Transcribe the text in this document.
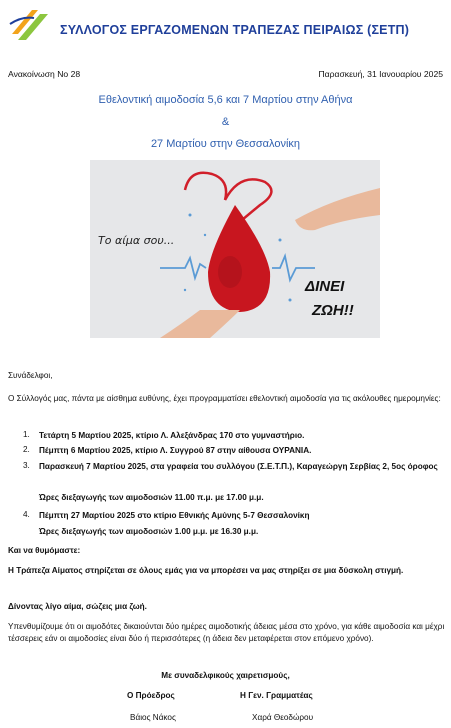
ΣΥΛΛΟΓΟΣ ΕΡΓΑΖΟΜΕΝΩΝ ΤΡΑΠΕΖΑΣ ΠΕΙΡΑΙΩΣ (ΣΕΤΠ)
Ανακοίνωση Νο 28	Παρασκευή, 31 Ιανουαρίου 2025
Εθελοντική αιμοδοσία 5,6 και 7 Μαρτίου στην Αθήνα
&
27 Μαρτίου στην Θεσσαλονίκη
Το αίμα σου...
ΔΙΝΕΙ
ΖΩΗ!!
Συνάδελφοι,
Ο Σύλλογός μας, πάντα με αίσθημα ευθύνης, έχει προγραμματίσει εθελοντική αιμοδοσία για τις ακόλουθες ημερομηνίες:
1. Τετάρτη 5 Μαρτίου 2025, κτίριο Λ. Αλεξάνδρας 170 στο γυμναστήριο.
2. Πέμπτη 6 Μαρτίου 2025, κτίριο Λ. Συγγρού 87 στην αίθουσα ΟΥΡΑΝΙΑ.
3. Παρασκευή 7 Μαρτίου 2025, στα γραφεία του συλλόγου (Σ.Ε.Τ.Π.), Καραγεώργη Σερβίας 2, 5ος όροφος
Ώρες διεξαγωγής των αιμοδοσιών 11.00 π.μ. με 17.00 μ.μ.
4. Πέμπτη 27 Μαρτίου 2025 στο κτίριο Εθνικής Αμύνης 5-7 Θεσσαλονίκη
Ώρες διεξαγωγής των αιμοδοσιών 1.00 μ.μ. με 16.30 μ.μ.
Και να θυμόμαστε:
Η Τράπεζα Αίματος στηρίζεται σε όλους εμάς για να μπορέσει να μας στηρίξει σε μια δύσκολη στιγμή.
Δίνοντας λίγο αίμα, σώζεις μια ζωή.
Υπενθυμίζουμε ότι οι αιμοδότες δικαιούνται δύο ημέρες αιμοδοτικής άδειας μέσα στο χρόνο, για κάθε αιμοδοσία και μέχρι τέσσερεις εάν οι αιμοδοσίες είναι δύο ή περισσότερες (η άδεια δεν μεταφέρεται στον επόμενο χρόνο).
Με συναδελφικούς χαιρετισμούς,
Ο Πρόεδρος	Η Γεν. Γραμματέας
Βάιος Νάκος	Χαρά Θεοδώρου
